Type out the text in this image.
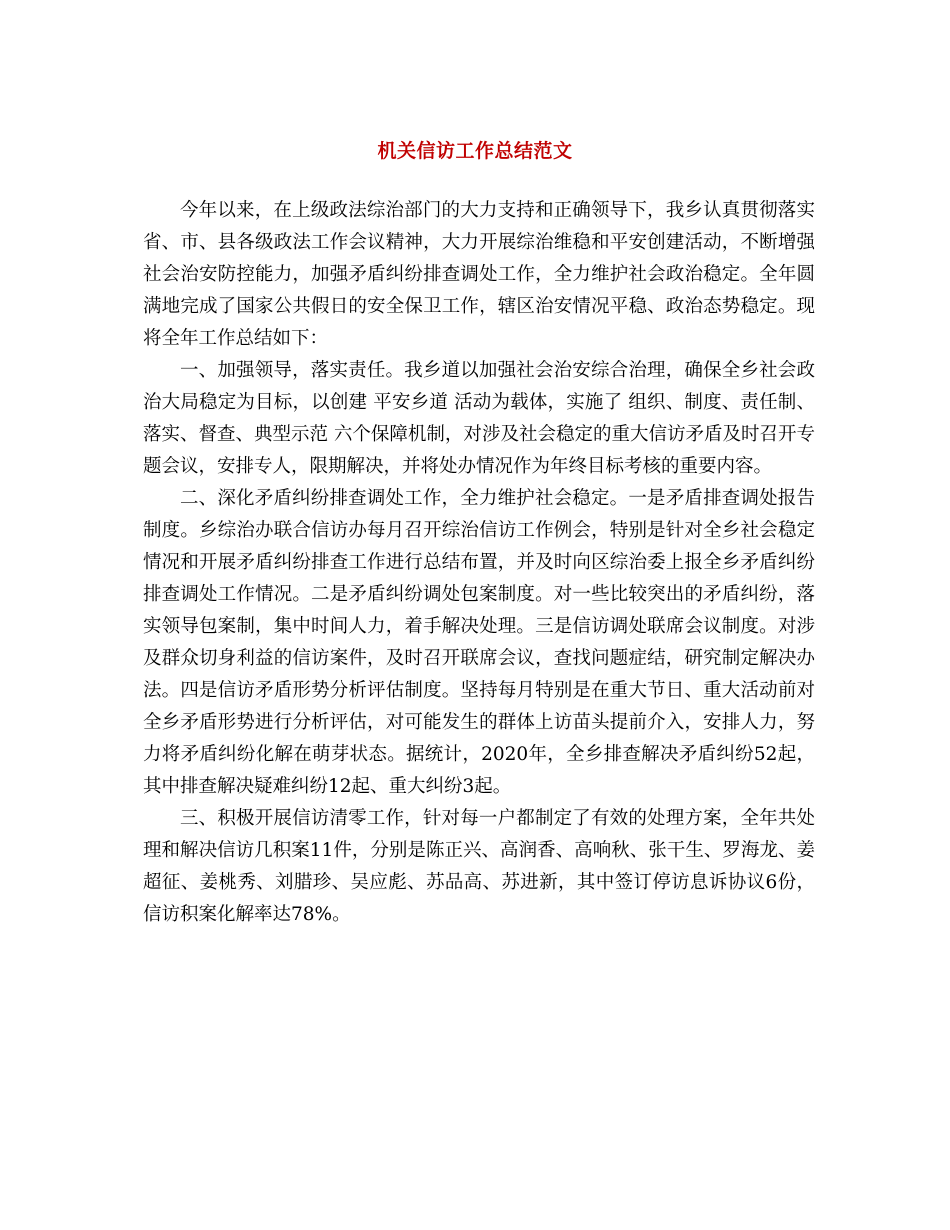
机关信访工作总结范文

今年以来，在上级政法综治部门的大力支持和正确领导下，我乡认真贯彻落实省、市、县各级政法工作会议精神，大力开展综治维稳和平安创建活动，不断增强社会治安防控能力，加强矛盾纠纷排查调处工作，全力维护社会政治稳定。全年圆满地完成了国家公共假日的安全保卫工作，辖区治安情况平稳、政治态势稳定。现将全年工作总结如下：

一、加强领导，落实责任。我乡道以加强社会治安综合治理，确保全乡社会政治大局稳定为目标，以创建 平安乡道 活动为载体，实施了 组织、制度、责任制、落实、督查、典型示范 六个保障机制，对涉及社会稳定的重大信访矛盾及时召开专题会议，安排专人，限期解决，并将处办情况作为年终目标考核的重要内容。

二、深化矛盾纠纷排查调处工作，全力维护社会稳定。一是矛盾排查调处报告制度。乡综治办联合信访办每月召开综治信访工作例会，特别是针对全乡社会稳定情况和开展矛盾纠纷排查工作进行总结布置，并及时向区综治委上报全乡矛盾纠纷排查调处工作情况。二是矛盾纠纷调处包案制度。对一些比较突出的矛盾纠纷，落实领导包案制，集中时间人力，着手解决处理。三是信访调处联席会议制度。对涉及群众切身利益的信访案件，及时召开联席会议，查找问题症结，研究制定解决办法。四是信访矛盾形势分析评估制度。坚持每月特别是在重大节日、重大活动前对全乡矛盾形势进行分析评估，对可能发生的群体上访苗头提前介入，安排人力，努力将矛盾纠纷化解在萌芽状态。据统计，2020年，全乡排查解决矛盾纠纷52起，其中排查解决疑难纠纷12起、重大纠纷3起。

三、积极开展信访清零工作，针对每一户都制定了有效的处理方案，全年共处理和解决信访几积案11件，分别是陈正兴、高润香、高响秋、张干生、罗海龙、姜超征、姜桃秀、刘腊珍、吴应彪、苏品高、苏进新，其中签订停访息诉协议6份，信访积案化解率达78%。
